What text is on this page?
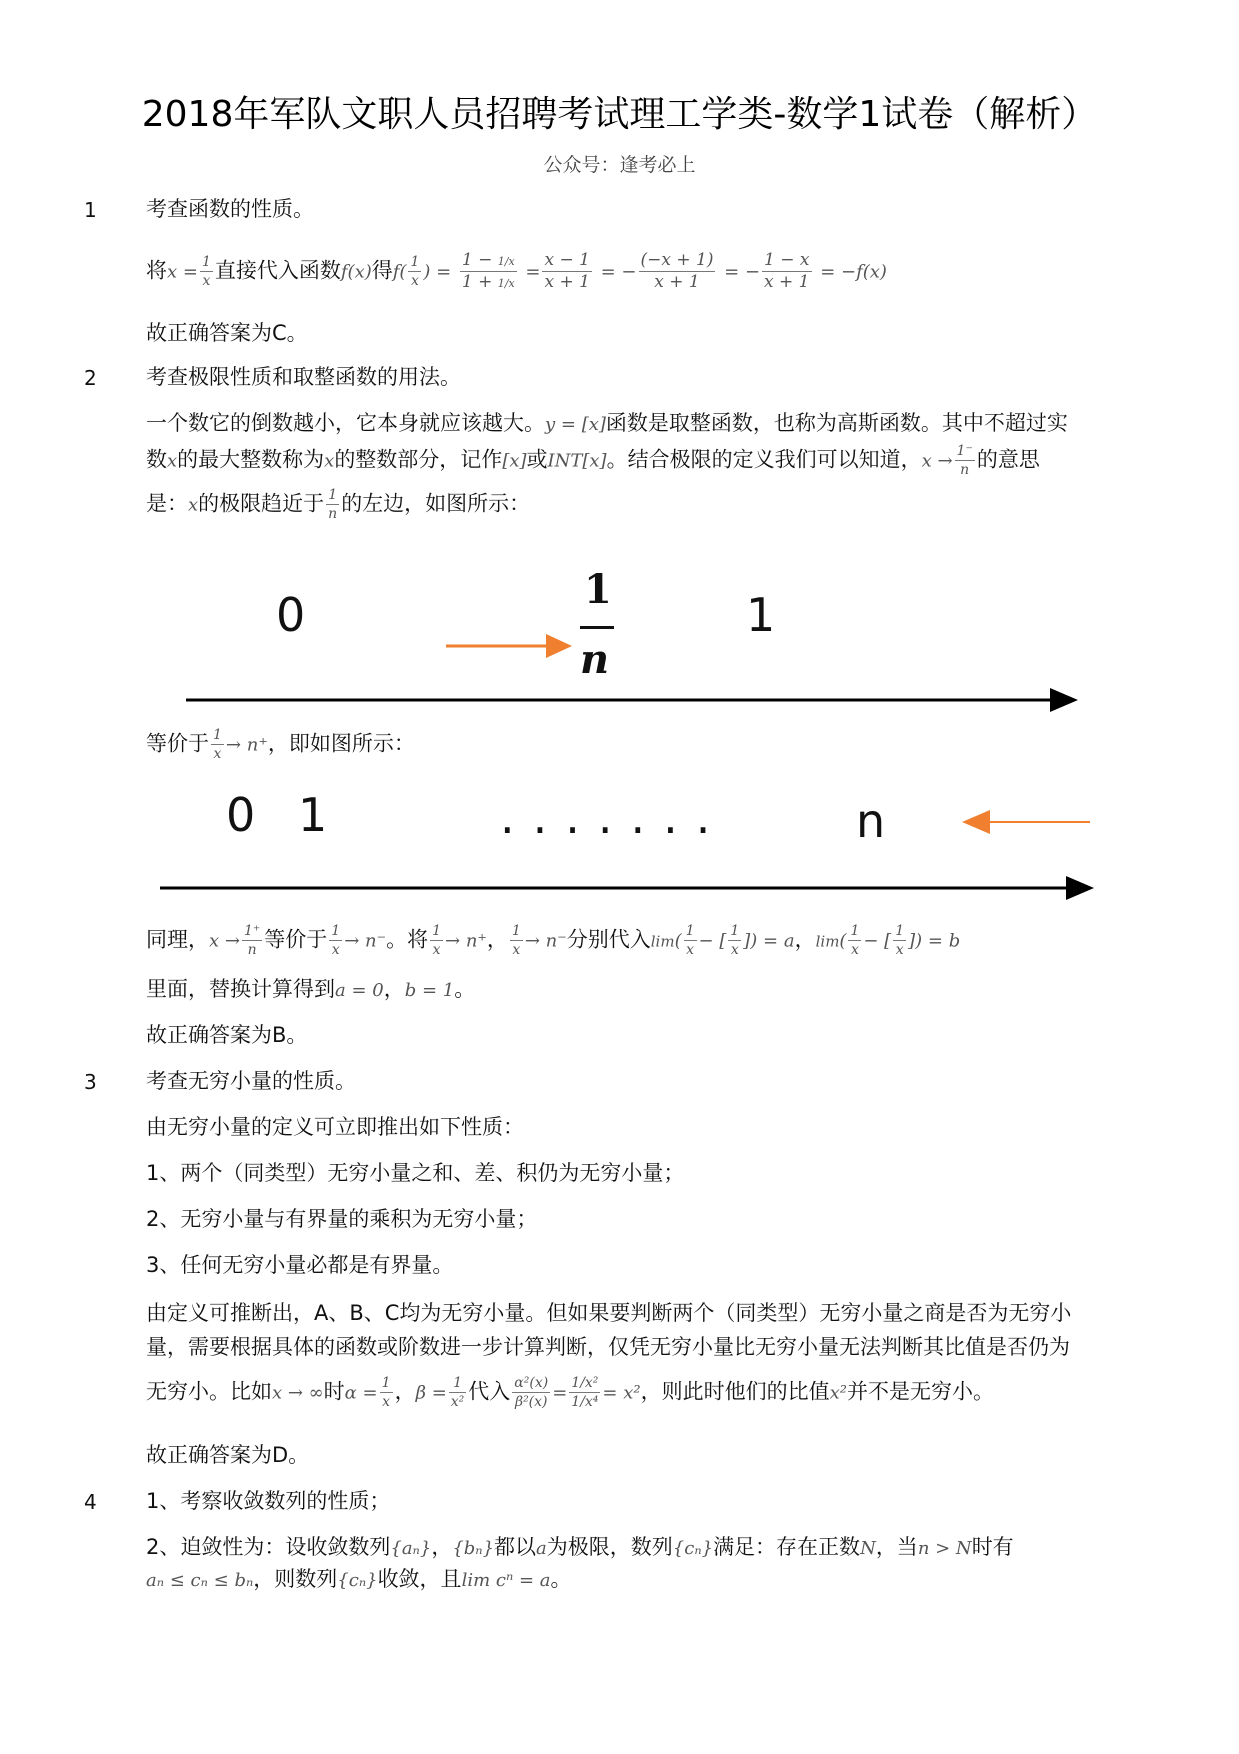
2018年军队文职人员招聘考试理工学类-数学1试卷（解析）
公众号：逢考必上
1 考查函数的性质。
将$x = \frac{1}{x}$ 直接代入函数f(x)得$f( \frac{1}{x}$ ) = $\frac{1 - 1/x}{1 + 1/x} = \frac{x - 1}{x + 1}$ = − $\frac{(-x + 1)}{x + 1}$ = − $\frac{1 - x}{x + 1} = -f(x)$
故正确答案为C。
2 考查极限性质和取整函数的用法。
一个数它的倒数越小，它本身就应该越大。y = [x]函数是取整函数，也称为高斯函数。其中不超过实
数x的最大整数称为x的整数部分，记作[x]或INT[x]。结合极限的定义我们可以知道，$x \to \frac{1^-}{n}$ 的意思
是：x的极限趋近于 $\frac{1}{n}$ 的左边，如图所示：
0	1
n
1
等价于 $\frac{1}{x} \to n^+$，即如图所示：
0 1	.......	n
同理，$x \to \frac{1^+}{n}$ 等价于 $\frac{1}{x} \to n^-$。将 $\frac{1}{x} \to n^+$， $\frac{1}{x} \to n^-$分别代入$\lim( \frac{1}{x}$ − [ $\frac{1}{x}$ ]) = a，$\lim( \frac{1}{x}$ − [ $\frac{1}{x}$ ]) = b
里面，替换计算得到a = 0，b = 1。
故正确答案为B。
3 考查无穷小量的性质。
由无穷小量的定义可立即推出如下性质：
1、两个（同类型）无穷小量之和、差、积仍为无穷小量；
2、无穷小量与有界量的乘积为无穷小量；
3、任何无穷小量必都是有界量。
由定义可推断出，A、B、C均为无穷小量。但如果要判断两个（同类型）无穷小量之商是否为无穷小
量，需要根据具体的函数或阶数进一步计算判断，仅凭无穷小量比无穷小量无法判断其比值是否仍为
无穷小。比如x → ∞时$\alpha = \frac{1}{x}$ ，$\beta = \frac{1}{\text{x²}}$ 代入 $\frac{\text{α²(x)}}{\text{β²(x)}} = \frac{\text{1/x²}}{\text{1/x⁴}} = x^2$，则此时他们的比值x²并不是无穷小。
故正确答案为D。
4 1、考察收敛数列的性质；
2、迫敛性为：设收敛数列{aₙ}，{bₙ}都以a为极限，数列{cₙ}满足：存在正数N，当n > N时有
aₙ ≤ cₙ ≤ bₙ，则数列{cₙ}收敛，且lim cⁿ = a。
